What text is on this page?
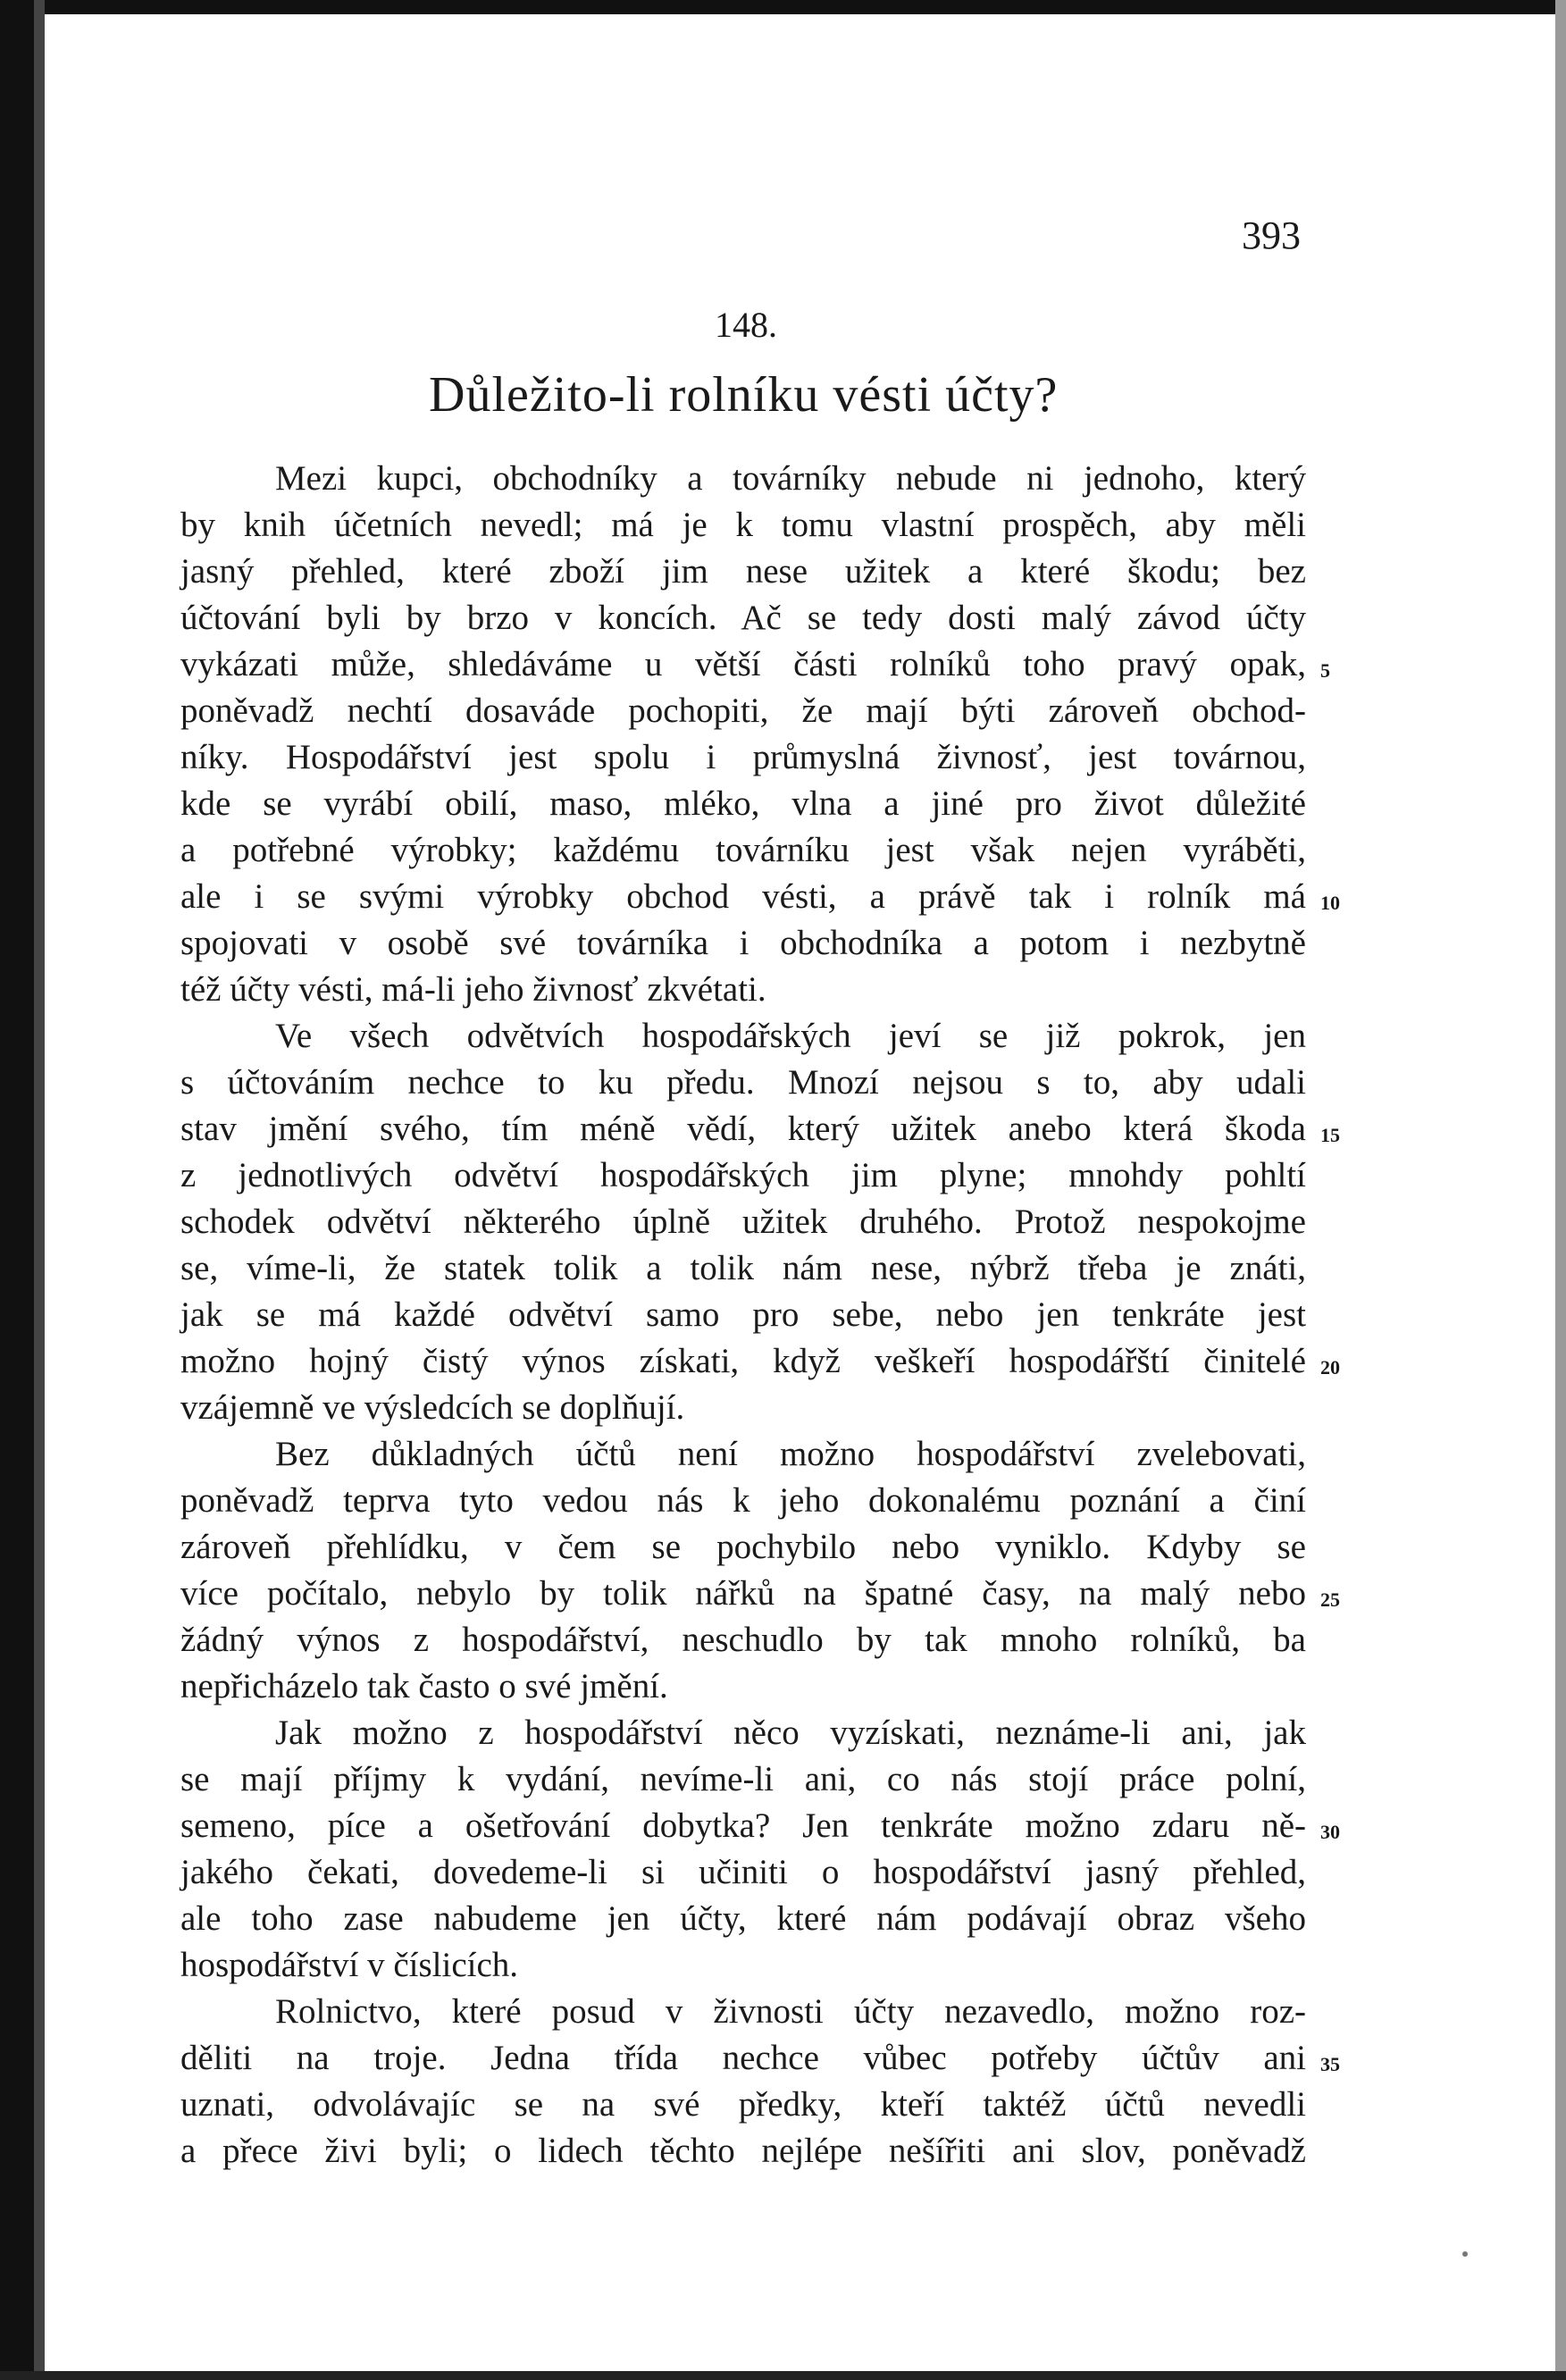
393
148.
Důležito-li rolníku vésti účty?
Mezi kupci, obchodníky a továrníky nebude ni jednoho, který
by knih účetních nevedl; má je k tomu vlastní prospěch, aby měli
jasný přehled, které zboží jim nese užitek a které škodu; bez
účtování byli by brzo v koncích. Ač se tedy dosti malý závod účty
vykázati může, shledáváme u větší části rolníků toho pravý opak,
poněvadž nechtí dosaváde pochopiti, že mají býti zároveň obchod-
níky. Hospodářství jest spolu i průmyslná živnosť, jest továrnou,
kde se vyrábí obilí, maso, mléko, vlna a jiné pro život důležité
a potřebné výrobky; každému továrníku jest však nejen vyráběti,
ale i se svými výrobky obchod vésti, a právě tak i rolník má
spojovati v osobě své továrníka i obchodníka a potom i nezbytně
též účty vésti, má-li jeho živnosť zkvétati.
Ve všech odvětvích hospodářských jeví se již pokrok, jen
s účtováním nechce to ku předu. Mnozí nejsou s to, aby udali
stav jmění svého, tím méně vědí, který užitek anebo která škoda
z jednotlivých odvětví hospodářských jim plyne; mnohdy pohltí
schodek odvětví některého úplně užitek druhého. Protož nespokojme
se, víme-li, že statek tolik a tolik nám nese, nýbrž třeba je znáti,
jak se má každé odvětví samo pro sebe, nebo jen tenkráte jest
možno hojný čistý výnos získati, když veškeří hospodářští činitelé
vzájemně ve výsledcích se doplňují.
Bez důkladných účtů není možno hospodářství zvelebovati,
poněvadž teprva tyto vedou nás k jeho dokonalému poznání a činí
zároveň přehlídku, v čem se pochybilo nebo vyniklo. Kdyby se
více počítalo, nebylo by tolik nářků na špatné časy, na malý nebo
žádný výnos z hospodářství, neschudlo by tak mnoho rolníků, ba
nepřicházelo tak často o své jmění.
Jak možno z hospodářství něco vyzískati, neznáme-li ani, jak
se mají příjmy k vydání, nevíme-li ani, co nás stojí práce polní,
semeno, píce a ošetřování dobytka? Jen tenkráte možno zdaru ně-
jakého čekati, dovedeme-li si učiniti o hospodářství jasný přehled,
ale toho zase nabudeme jen účty, které nám podávají obraz všeho
hospodářství v číslicích.
Rolnictvo, které posud v živnosti účty nezavedlo, možno roz-
děliti na troje. Jedna třída nechce vůbec potřeby účtův ani
uznati, odvolávajíc se na své předky, kteří taktéž účtů nevedli
a přece živi byli; o lidech těchto nejlépe nešířiti ani slov, poněvadž
5
10
15
20
25
30
35
